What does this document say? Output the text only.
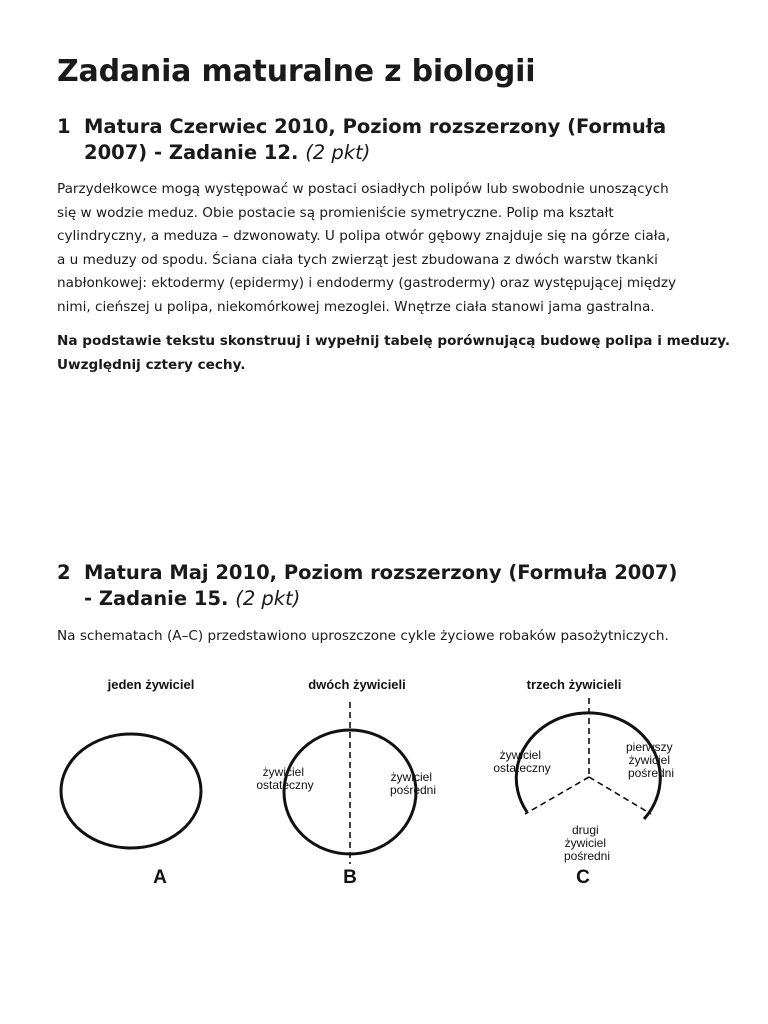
Zadania maturalne z biologii
1 Matura Czerwiec 2010, Poziom rozszerzony (Formuła
2007) - Zadanie 12. (2 pkt)

Parzydełkowce mogą występować w postaci osiadłych polipów lub swobodnie unoszących
się w wodzie meduz. Obie postacie są promieniście symetryczne. Polip ma kształt
cylindryczny, a meduza – dzwonowaty. U polipa otwór gębowy znajduje się na górze ciała,
a u meduzy od spodu. Ściana ciała tych zwierząt jest zbudowana z dwóch warstw tkanki
nabłonkowej: ektodermy (epidermy) i endodermy (gastrodermy) oraz występującej między
nimi, cieńszej u polipa, niekomórkowej mezoglei. Wnętrze ciała stanowi jama gastralna.

Na podstawie tekstu skonstruuj i wypełnij tabelę porównującą budowę polipa i meduzy.
Uwzględnij cztery cechy.

2 Matura Maj 2010, Poziom rozszerzony (Formuła 2007)
- Zadanie 15. (2 pkt)

Na schematach (A–C) przedstawiono uproszczone cykle życiowe robaków pasożytniczych.

jeden żywiciel
A
dwóch żywicieli
żywiciel ostateczny
żywiciel pośredni
B
trzech żywicieli
żywiciel ostateczny
pierwszy żywiciel pośredni
drugi żywiciel pośredni
C
